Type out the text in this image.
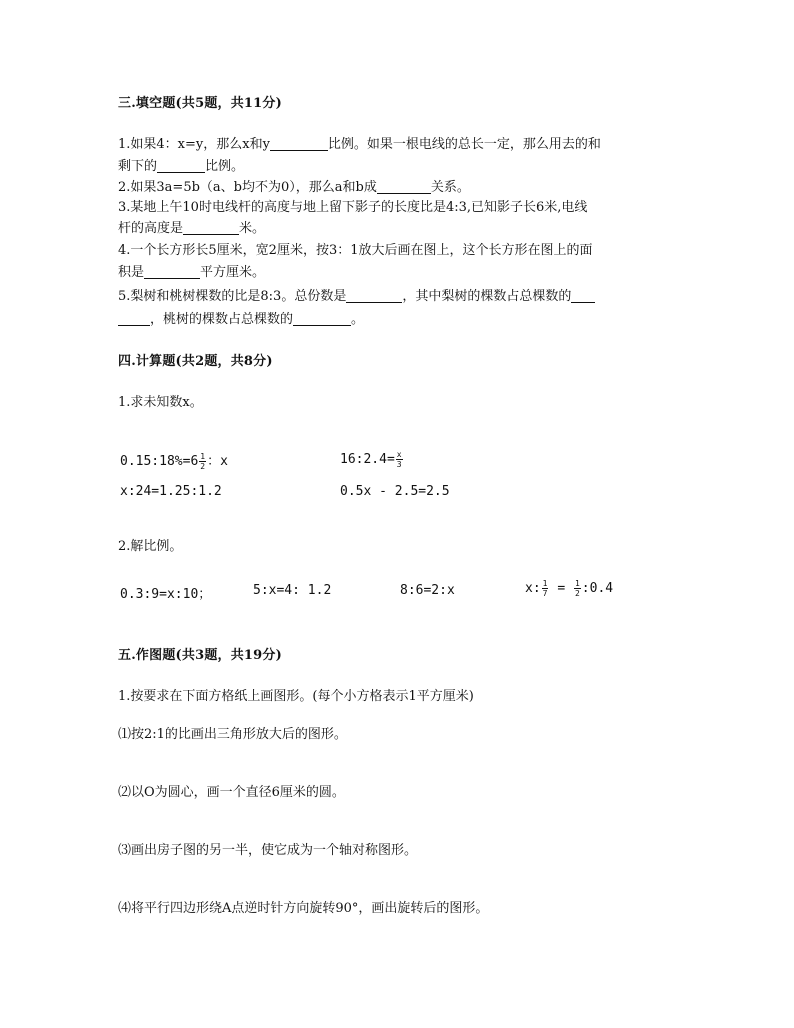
三.填空题(共5题，共11分)
1.如果4：x=y，那么x和y	比例。如果一根电线的总长一定，那么用去的和
剩下的	比例。
2.如果3a=5b（a、b均不为0），那么a和b成	关系。
3.某地上午10时电线杆的高度与地上留下影子的长度比是4:3,已知影子长6米,电线
杆的高度是	米。
4.一个长方形长5厘米，宽2厘米，按3：1放大后画在图上，这个长方形在图上的面
积是	平方厘米。
5.梨树和桃树棵数的比是8:3。总份数是	，其中梨树的棵数占总棵数的
，桃树的棵数占总棵数的	。
四.计算题(共2题，共8分)
1.求未知数x。
0.15:18%=6 $\frac{1}{2}$ ：x	16:2.4= $\frac{x}{3}$
x:24=1.25:1.2	0.5x - 2.5=2.5
2.解比例。
0.3:9=x:10；	5:x=4: 1.2	8:6=2:x	x: $\frac{1}{7} = \frac{1}{2}$ :0.4
五.作图题(共3题，共19分)
1.按要求在下面方格纸上画图形。(每个小方格表示1平方厘米)
⑴按2:1的比画出三角形放大后的图形。
⑵以O为圆心，画一个直径6厘米的圆。
⑶画出房子图的另一半，使它成为一个轴对称图形。
⑷将平行四边形绕A点逆时针方向旋转90°，画出旋转后的图形。
